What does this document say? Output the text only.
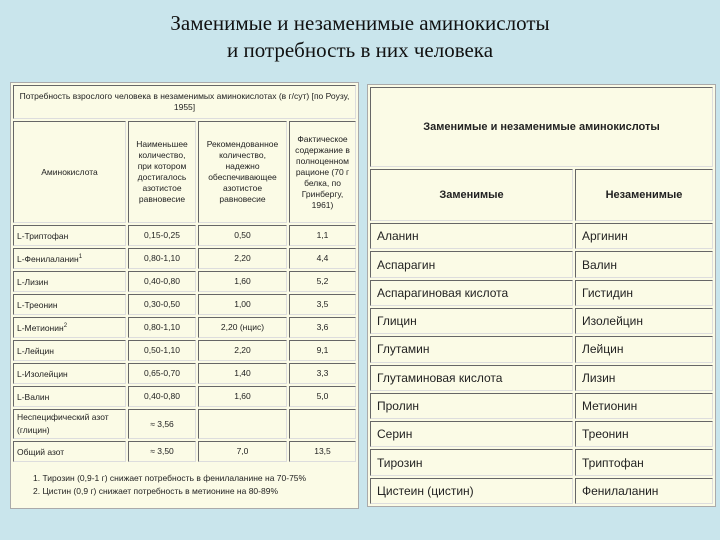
Заменимые и незаменимые аминокислоты
и потребность в них человека
Потребность взрослого человека в незаменимых аминокислотах (в г/сут) [по Роузу, 1955]			
Аминокислота	Наименьшее количество, при котором достигалось азотистое равновесие	Рекомендованное количество, надежно обеспечивающее азотистое равновесие	Фактическое содержание в полноценном рационе (70 г белка, по Гринбергу, 1961)
L-Триптофан	0,15-0,25	0,50	1,1
L-Фенилаланин$^1$	0,80-1,10	2,20	4,4
L-Лизин	0,40-0,80	1,60	5,2
L-Треонин	0,30-0,50	1,00	3,5
L-Метионин$^2$	0,80-1,10	2,20 (нцис)	3,6
L-Лейцин	0,50-1,10	2,20	9,1
L-Изолейцин	0,65-0,70	1,40	3,3
L-Валин	0,40-0,80	1,60	5,0
Неспецифический азот (глицин)	≈ 3,56		
Общий азот	≈ 3,50	7,0	13,5

1. Тирозин (0,9-1 г) снижает потребность в фенилаланине на 70-75%
2. Цистин (0,9 г) снижает потребность в метионине на 80-89%			
Заменимые и незаменимые аминокислоты	
Заменимые	Незаменимые
Аланин	Аргинин
Аспарагин	Валин
Аспарагиновая кислота	Гистидин
Глицин	Изолейцин
Глутамин	Лейцин
Глутаминовая кислота	Лизин
Пролин	Метионин
Серин	Треонин
Тирозин	Триптофан
Цистеин (цистин)	Фенилаланин
